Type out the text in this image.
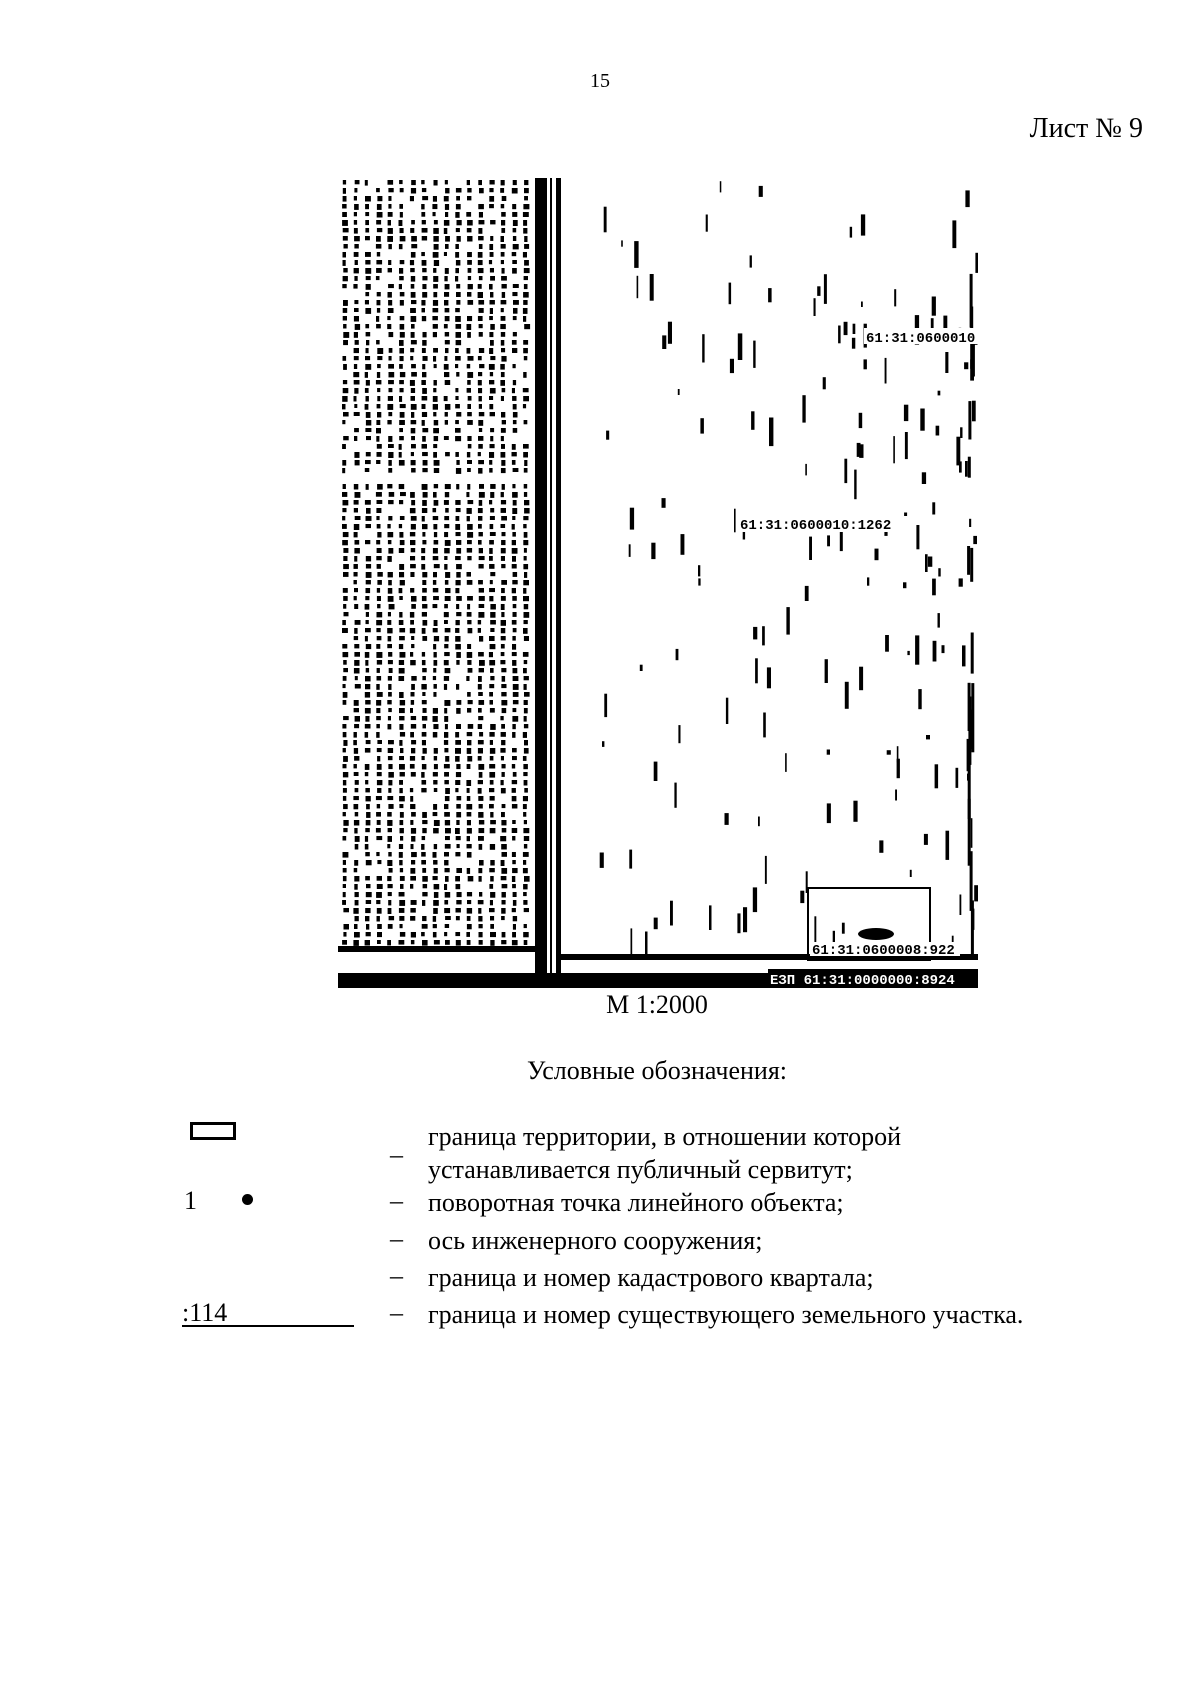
15
Лист № 9
61:31:0600010
61:31:0600010:1262
61:31:0600008:922
ЕЗП 61:31:0000000:8924
М 1:2000
Условные обозначения:
–
граница территории, в отношении которой
устанавливается публичный сервитут;
1	– поворотная точка линейного объекта;
– ось инженерного сооружения;
– граница и номер кадастрового квартала;
:114	– граница и номер существующего земельного участка.
